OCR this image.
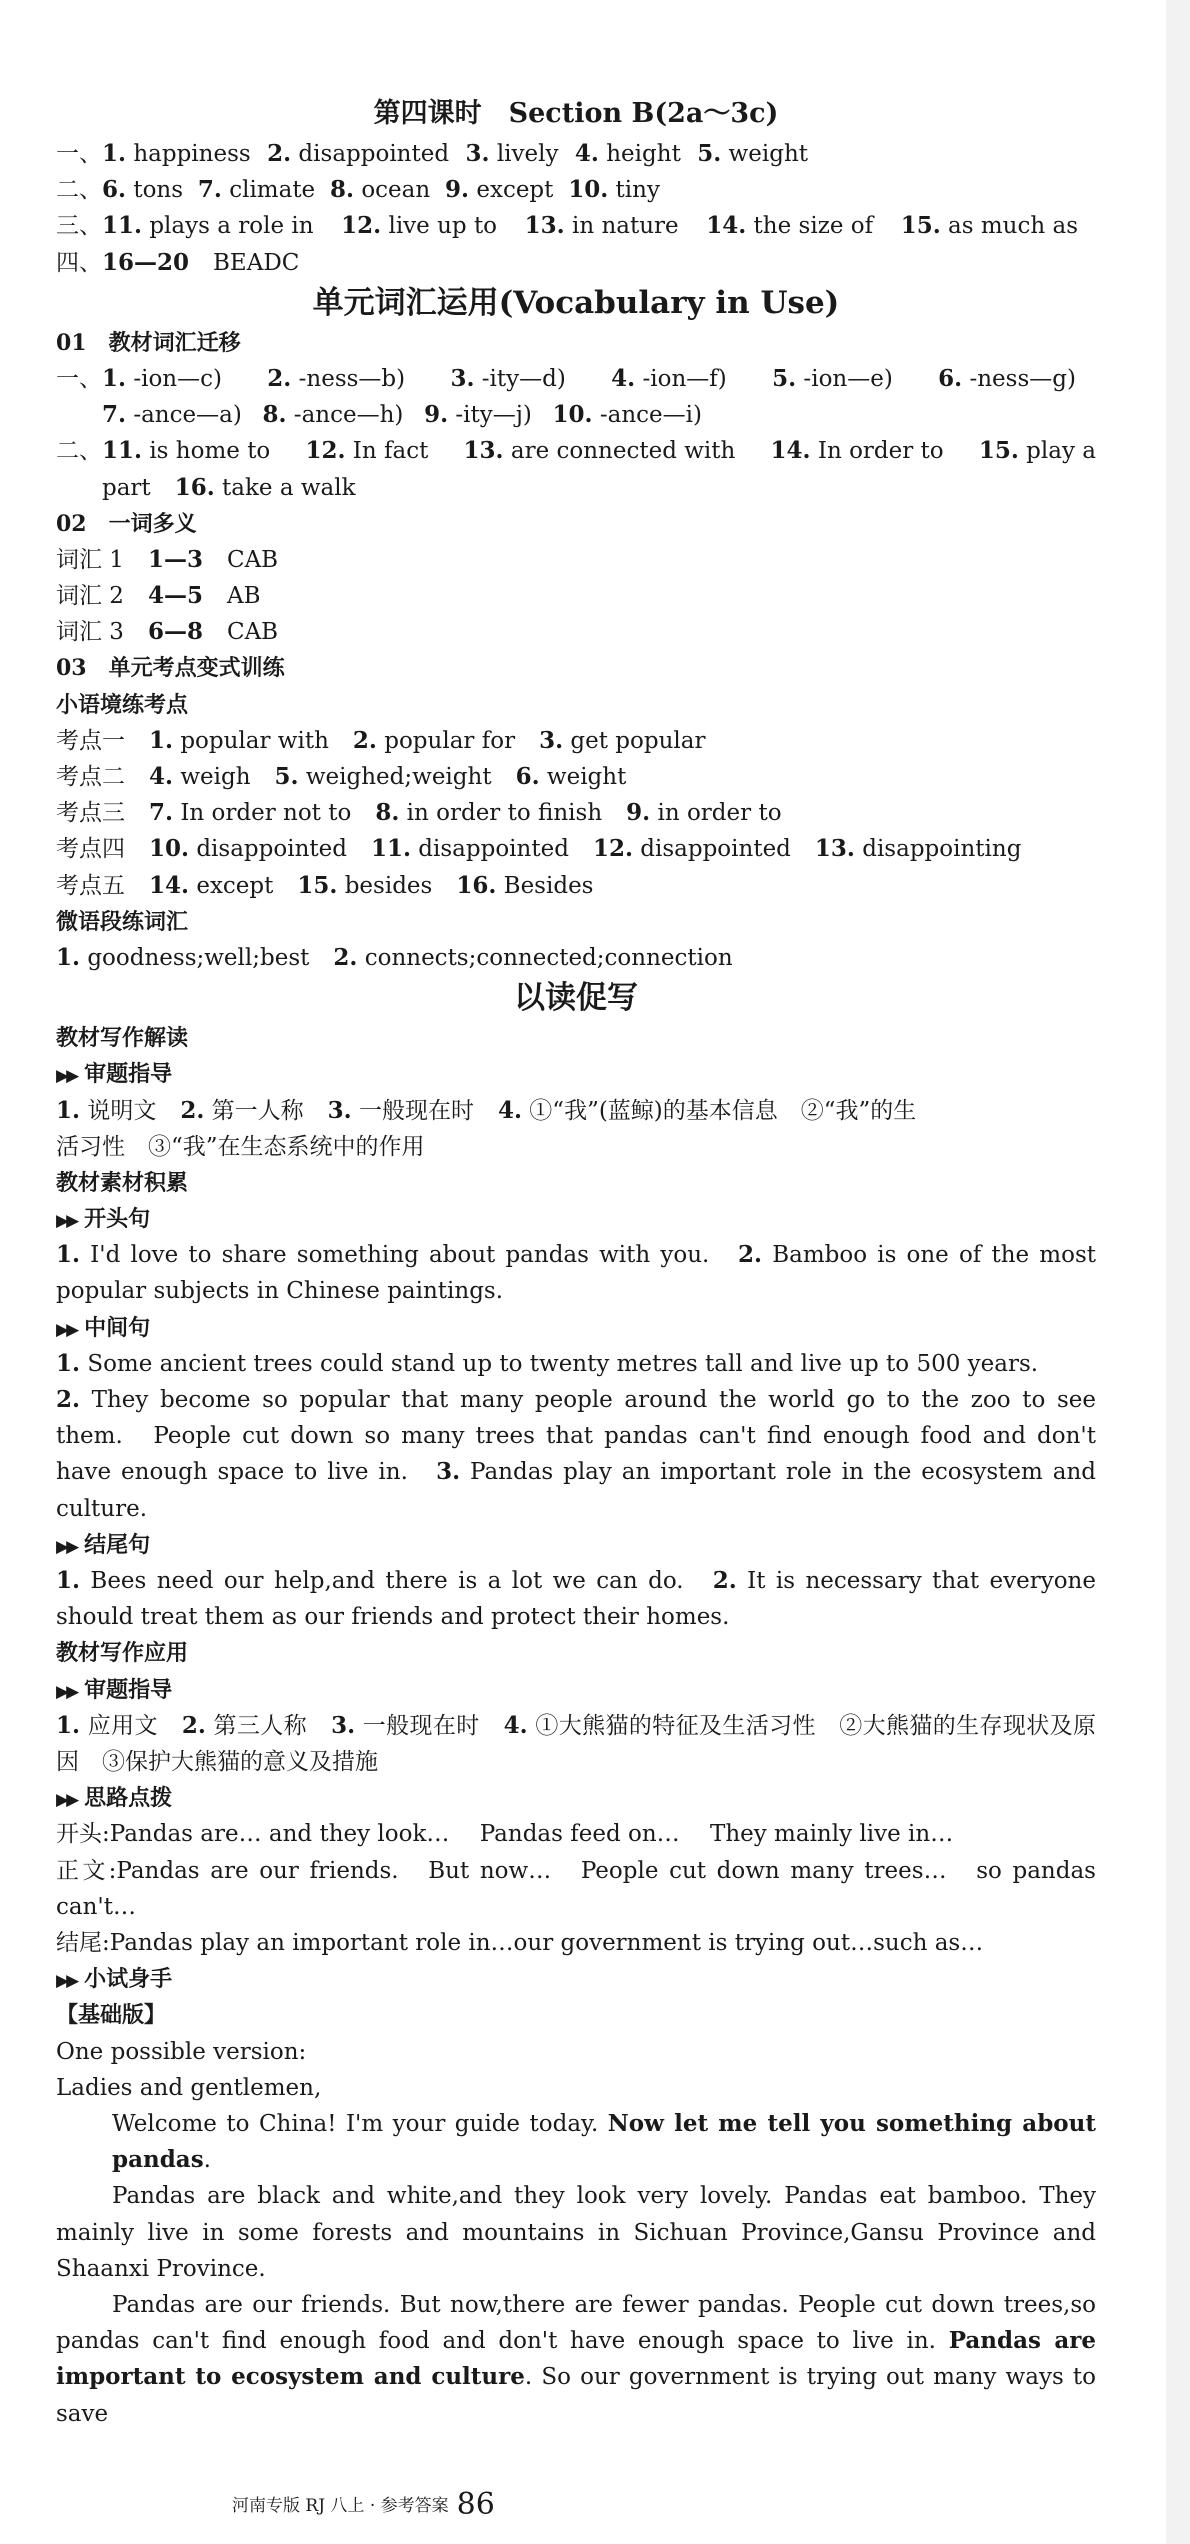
第四课时　Section B(2a～3c)
一、1. happiness 2. disappointed 3. lively 4. height 5. weight
二、6. tons 7. climate 8. ocean 9. except 10. tiny
三、11. plays a role in 12. live up to 13. in nature 14. the size of 15. as much as
四、16—20 BEADC
单元词汇运用(Vocabulary in Use)
01　教材词汇迁移
一、1. -ion—c) 2. -ness—b) 3. -ity—d) 4. -ion—f) 5. -ion—e) 6. -ness—g)
7. -ance—a) 8. -ance—h) 9. -ity—j) 10. -ance—i)
二、11. is home to 12. In fact 13. are connected with 14. In order to 15. play a
part 16. take a walk
02　一词多义
词汇 1 1—3 CAB
词汇 2 4—5 AB
词汇 3 6—8 CAB
03　单元考点变式训练
小语境练考点
考点一 1. popular with 2. popular for 3. get popular
考点二 4. weigh 5. weighed;weight 6. weight
考点三 7. In order not to 8. in order to finish 9. in order to
考点四 10. disappointed 11. disappointed 12. disappointed 13. disappointing
考点五 14. except 15. besides 16. Besides
微语段练词汇
1. goodness;well;best 2. connects;connected;connection
以读促写
教材写作解读
▶▶ 审题指导
1. 说明文 2. 第一人称 3. 一般现在时 4. ①“我”(蓝鲸)的基本信息　②“我”的生
活习性　③“我”在生态系统中的作用
教材素材积累
▶▶ 开头句
1. I'd love to share something about pandas with you.　2. Bamboo is one of the most popular subjects in Chinese paintings.
▶▶ 中间句
1. Some ancient trees could stand up to twenty metres tall and live up to 500 years.
2. They become so popular that many people around the world go to the zoo to see them.　People cut down so many trees that pandas can't find enough food and don't have enough space to live in.　3. Pandas play an important role in the ecosystem and culture.
▶▶ 结尾句
1. Bees need our help,and there is a lot we can do.　2. It is necessary that everyone should treat them as our friends and protect their homes.
教材写作应用
▶▶ 审题指导
1. 应用文 2. 第三人称 3. 一般现在时 4. ①大熊猫的特征及生活习性　②大熊猫的生存现状及原因　③保护大熊猫的意义及措施
▶▶ 思路点拨
开头:Pandas are… and they look…　 Pandas feed on…　 They mainly live in…
正文:Pandas are our friends.　But now…　People cut down many trees…　so pandas can't…
结尾:Pandas play an important role in…our government is trying out…such as…
▶▶ 小试身手
【基础版】
One possible version:
Ladies and gentlemen,
Welcome to China! I'm your guide today. Now let me tell you something about pandas.
Pandas are black and white,and they look very lovely. Pandas eat bamboo. They mainly live in some forests and mountains in Sichuan Province,Gansu Province and Shaanxi Province.
Pandas are our friends. But now,there are fewer pandas. People cut down trees,so pandas can't find enough food and don't have enough space to live in. Pandas are important to ecosystem and culture. So our government is trying out many ways to save
河南专版 RJ 八上 · 参考答案 86
